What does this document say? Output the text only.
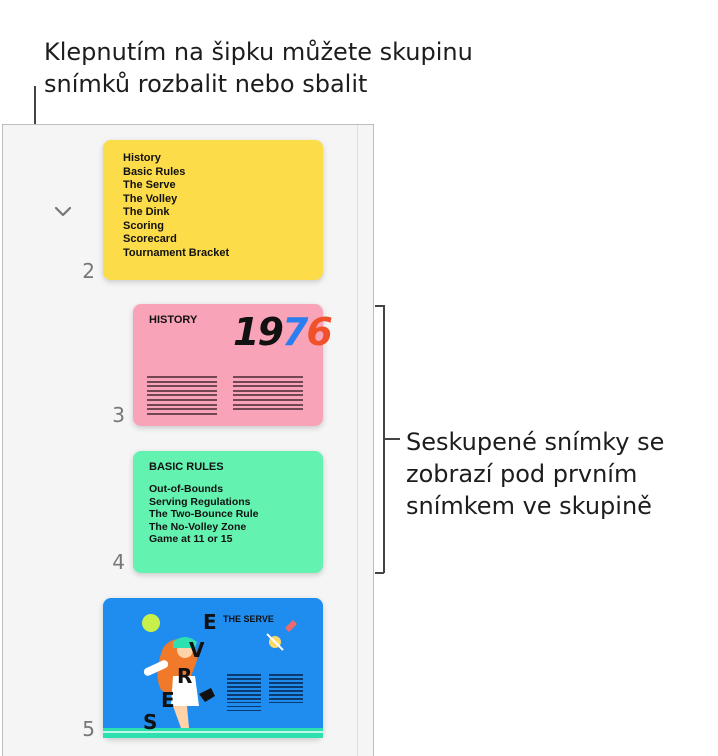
Klepnutím na šipku můžete skupinu
snímků rozbalit nebo sbalit
Seskupené snímky se
zobrazí pod prvním
snímkem ve skupině
2
History
Basic Rules
The Serve
The Volley
The Dink
Scoring
Scorecard
Tournament Bracket
3
HISTORY 1976
4
BASIC RULES
Out-of-Bounds
Serving Regulations
The Two-Bounce Rule
The No-Volley Zone
Game at 11 or 15
5
THE SERVE
E
V
R
E
S
